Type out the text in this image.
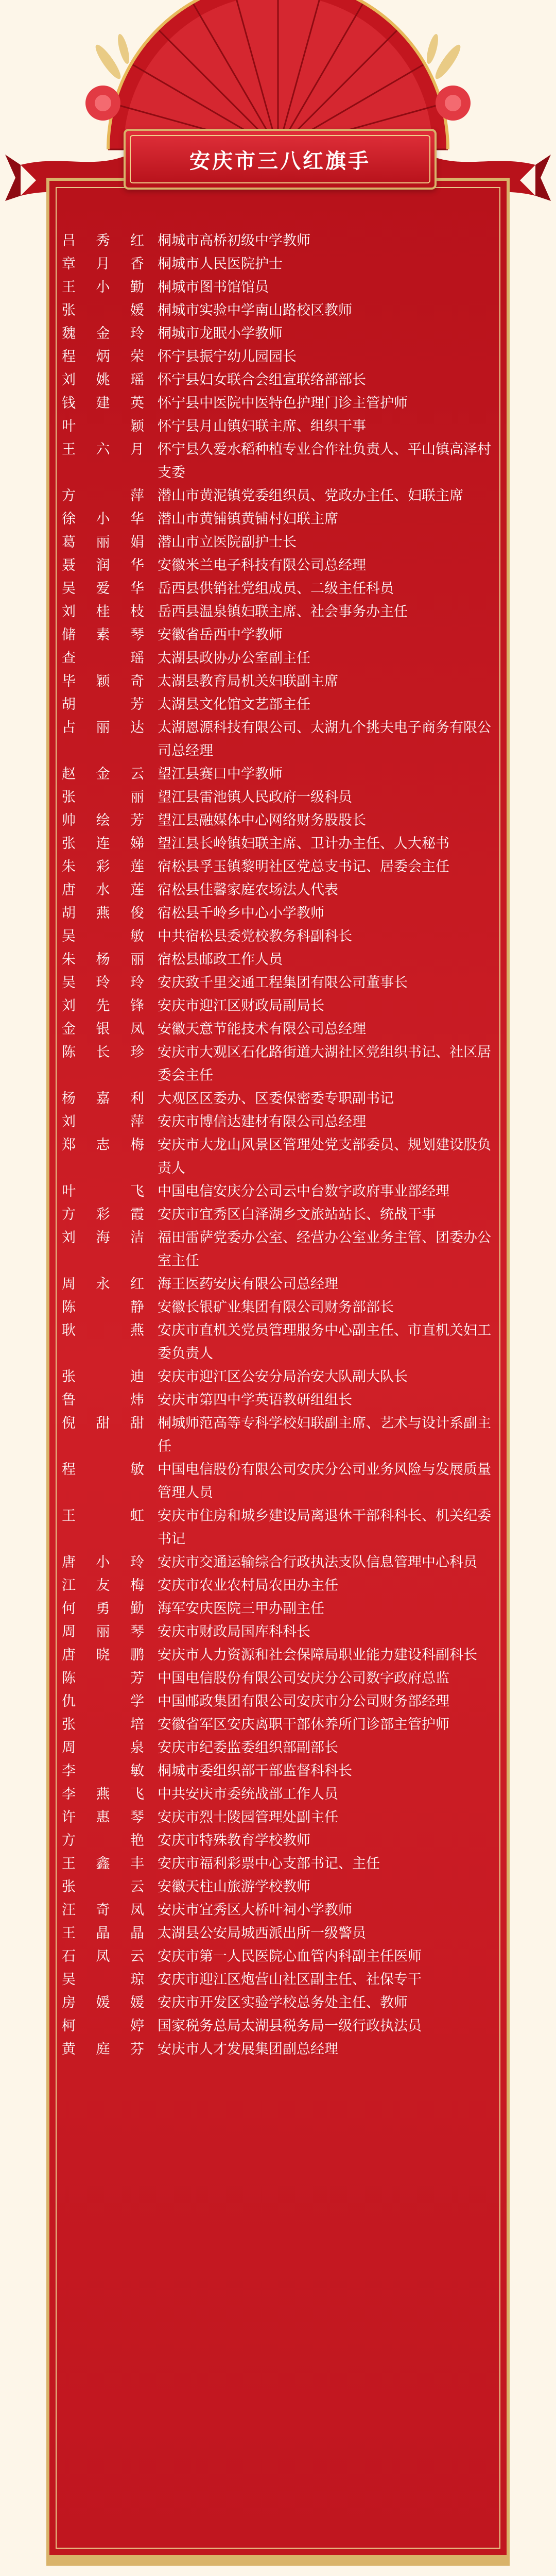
安庆市三八红旗手
吕秀红 桐城市高桥初级中学教师
章月香 桐城市人民医院护士
王小勤 桐城市图书馆馆员
张　媛 桐城市实验中学南山路校区教师
魏金玲 桐城市龙眠小学教师
程炳荣 怀宁县振宁幼儿园园长
刘姚瑶 怀宁县妇女联合会组宣联络部部长
钱建英 怀宁县中医院中医特色护理门诊主管护师
叶　颖 怀宁县月山镇妇联主席、组织干事
王六月 怀宁县久爱水稻种植专业合作社负责人、平山镇高泽村支委
方　萍 潜山市黄泥镇党委组织员、党政办主任、妇联主席
徐小华 潜山市黄铺镇黄铺村妇联主席
葛丽娟 潜山市立医院副护士长
聂润华 安徽米兰电子科技有限公司总经理
吴爱华 岳西县供销社党组成员、二级主任科员
刘桂枝 岳西县温泉镇妇联主席、社会事务办主任
储素琴 安徽省岳西中学教师
查　瑶 太湖县政协办公室副主任
毕颖奇 太湖县教育局机关妇联副主席
胡　芳 太湖县文化馆文艺部主任
占丽达 太湖恩源科技有限公司、太湖九个挑夫电子商务有限公司总经理
赵金云 望江县赛口中学教师
张　丽 望江县雷池镇人民政府一级科员
帅绘芳 望江县融媒体中心网络财务股股长
张连娣 望江县长岭镇妇联主席、卫计办主任、人大秘书
朱彩莲 宿松县孚玉镇黎明社区党总支书记、居委会主任
唐水莲 宿松县佳馨家庭农场法人代表
胡燕俊 宿松县千岭乡中心小学教师
吴　敏 中共宿松县委党校教务科副科长
朱杨丽 宿松县邮政工作人员
吴玲玲 安庆致千里交通工程集团有限公司董事长
刘先锋 安庆市迎江区财政局副局长
金银凤 安徽天意节能技术有限公司总经理
陈长珍 安庆市大观区石化路街道大湖社区党组织书记、社区居委会主任
杨嘉利 大观区区委办、区委保密委专职副书记
刘　萍 安庆市博信达建材有限公司总经理
郑志梅 安庆市大龙山风景区管理处党支部委员、规划建设股负责人
叶　飞 中国电信安庆分公司云中台数字政府事业部经理
方彩霞 安庆市宜秀区白泽湖乡文旅站站长、统战干事
刘海洁 福田雷萨党委办公室、经营办公室业务主管、团委办公室主任
周永红 海王医药安庆有限公司总经理
陈　静 安徽长银矿业集团有限公司财务部部长
耿　燕 安庆市直机关党员管理服务中心副主任、市直机关妇工委负责人
张　迪 安庆市迎江区公安分局治安大队副大队长
鲁　炜 安庆市第四中学英语教研组组长
倪甜甜 桐城师范高等专科学校妇联副主席、艺术与设计系副主任
程　敏 中国电信股份有限公司安庆分公司业务风险与发展质量管理人员
王　虹 安庆市住房和城乡建设局离退休干部科科长、机关纪委书记
唐小玲 安庆市交通运输综合行政执法支队信息管理中心科员
江友梅 安庆市农业农村局农田办主任
何勇勤 海军安庆医院三甲办副主任
周丽琴 安庆市财政局国库科科长
唐晓鹏 安庆市人力资源和社会保障局职业能力建设科副科长
陈　芳 中国电信股份有限公司安庆分公司数字政府总监
仇　学 中国邮政集团有限公司安庆市分公司财务部经理
张　培 安徽省军区安庆离职干部休养所门诊部主管护师
周　泉 安庆市纪委监委组织部副部长
李　敏 桐城市委组织部干部监督科科长
李燕飞 中共安庆市委统战部工作人员
许惠琴 安庆市烈士陵园管理处副主任
方　艳 安庆市特殊教育学校教师
王鑫丰 安庆市福利彩票中心支部书记、主任
张　云 安徽天柱山旅游学校教师
汪奇凤 安庆市宜秀区大桥叶祠小学教师
王晶晶 太湖县公安局城西派出所一级警员
石凤云 安庆市第一人民医院心血管内科副主任医师
吴　琼 安庆市迎江区炮营山社区副主任、社保专干
房媛媛 安庆市开发区实验学校总务处主任、教师
柯　婷 国家税务总局太湖县税务局一级行政执法员
黄庭芬 安庆市人才发展集团副总经理
